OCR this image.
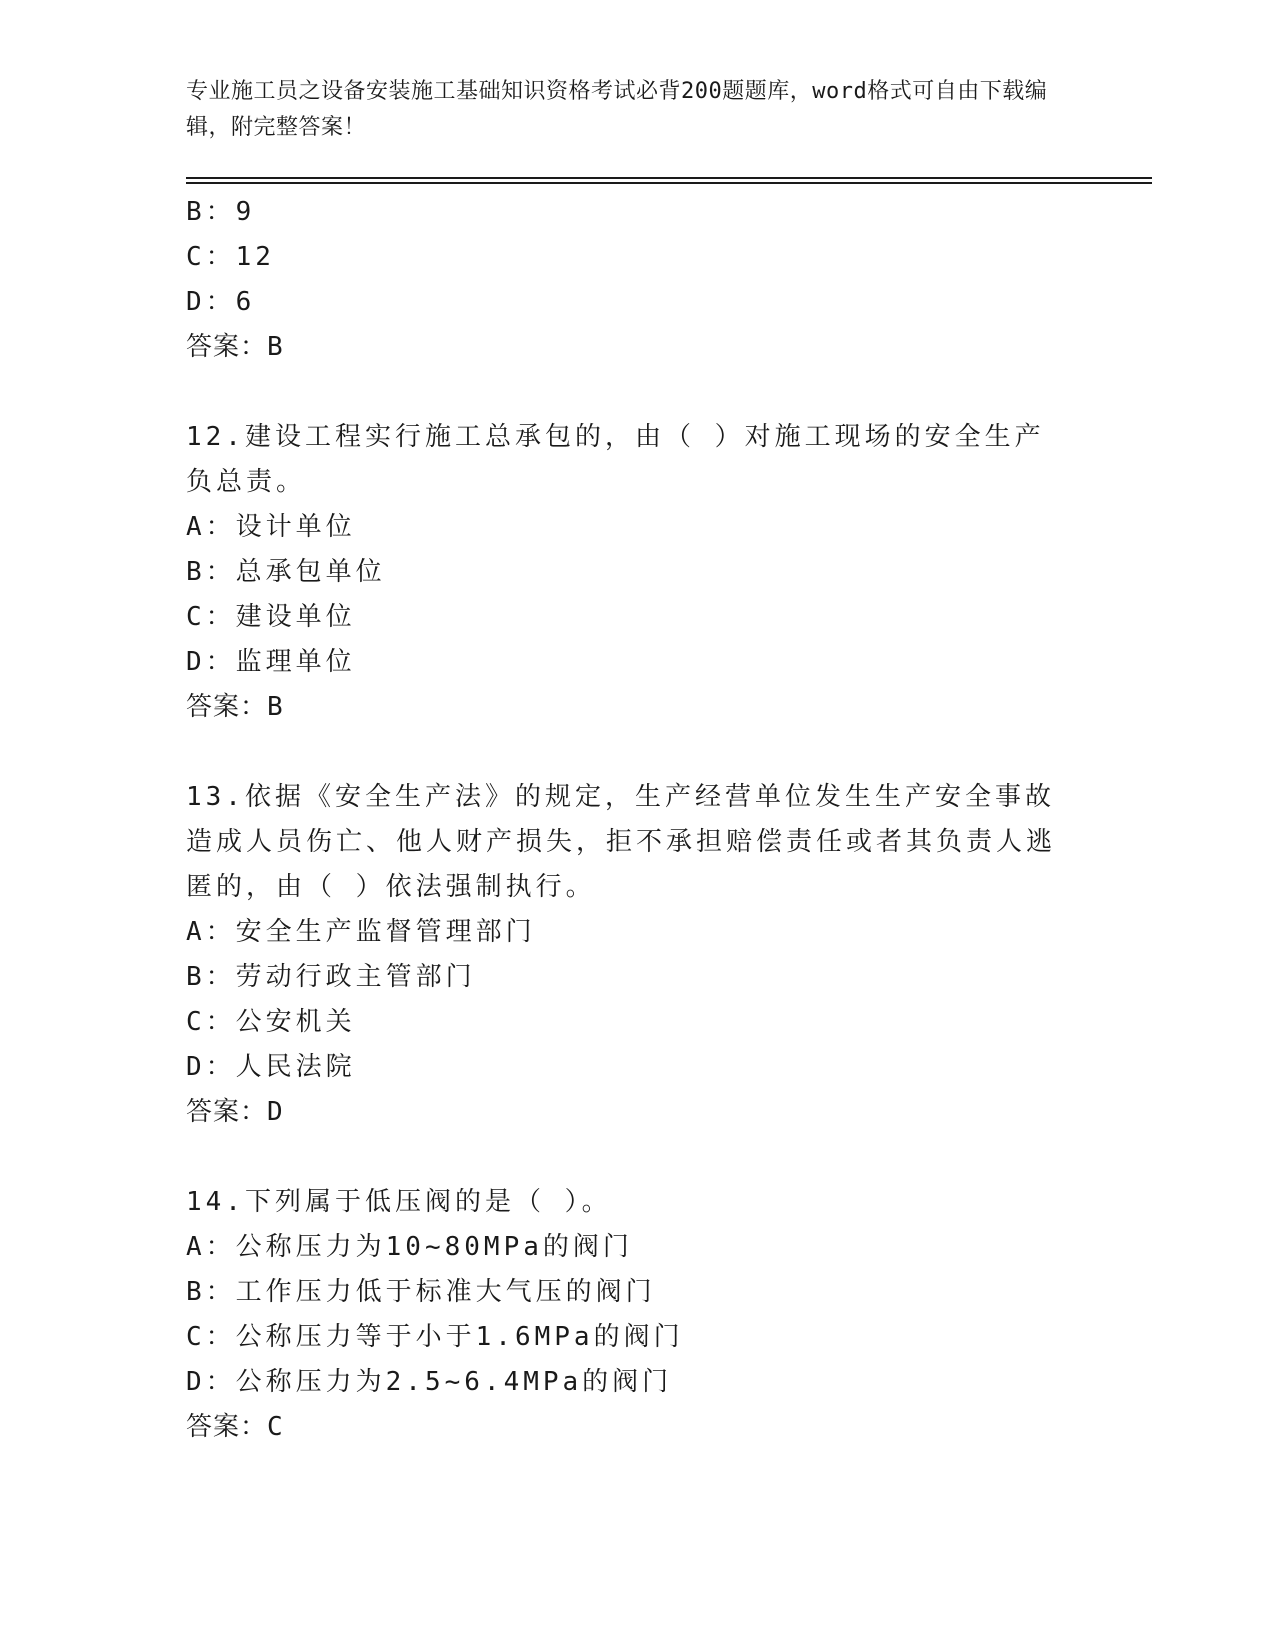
专业施工员之设备安装施工基础知识资格考试必背200题题库，word格式可自由下载编辑，附完整答案！
B：9
C：12
D：6
答案：B
12.建设工程实行施工总承包的，由（ ）对施工现场的安全生产负总责。
A：设计单位
B：总承包单位
C：建设单位
D：监理单位
答案：B
13.依据《安全生产法》的规定，生产经营单位发生生产安全事故造成人员伤亡、他人财产损失，拒不承担赔偿责任或者其负责人逃匿的，由（ ）依法强制执行。
A：安全生产监督管理部门
B：劳动行政主管部门
C：公安机关
D：人民法院
答案：D
14.下列属于低压阀的是（ ）。
A：公称压力为10~80MPa的阀门
B：工作压力低于标准大气压的阀门
C：公称压力等于小于1.6MPa的阀门
D：公称压力为2.5~6.4MPa的阀门
答案：C
